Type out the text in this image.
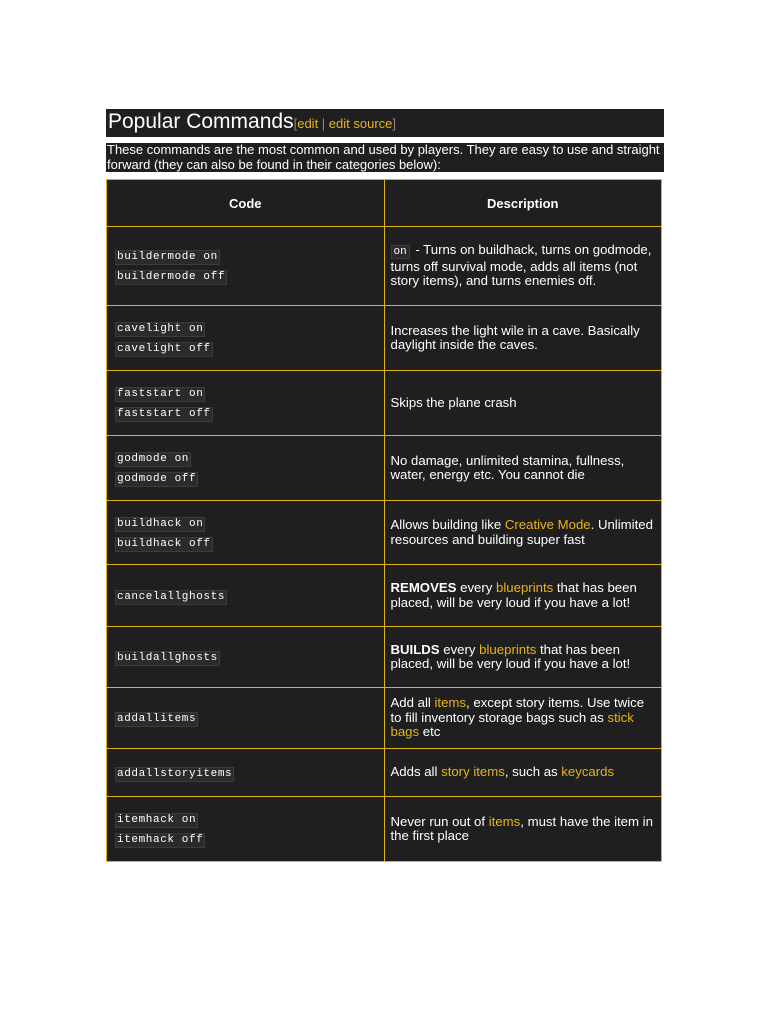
Popular Commands[edit | edit source]
These commands are the most common and used by players. They are easy to use and straight forward (they can also be found in their categories below):
Code	Description
buildermode on
buildermode off	on - Turns on buildhack, turns on godmode, turns off survival mode, adds all items (not story items), and turns enemies off.
cavelight on
cavelight off	Increases the light wile in a cave. Basically daylight inside the caves.
faststart on
faststart off	Skips the plane crash
godmode on
godmode off	No damage, unlimited stamina, fullness, water, energy etc. You cannot die
buildhack on
buildhack off	Allows building like Creative Mode. Unlimited resources and building super fast
cancelallghosts	REMOVES every blueprints that has been placed, will be very loud if you have a lot!
buildallghosts	BUILDS every blueprints that has been placed, will be very loud if you have a lot!
addallitems	Add all items, except story items. Use twice to fill inventory storage bags such as stick bags etc
addallstoryitems	Adds all story items, such as keycards
itemhack on
itemhack off	Never run out of items, must have the item in the first place
